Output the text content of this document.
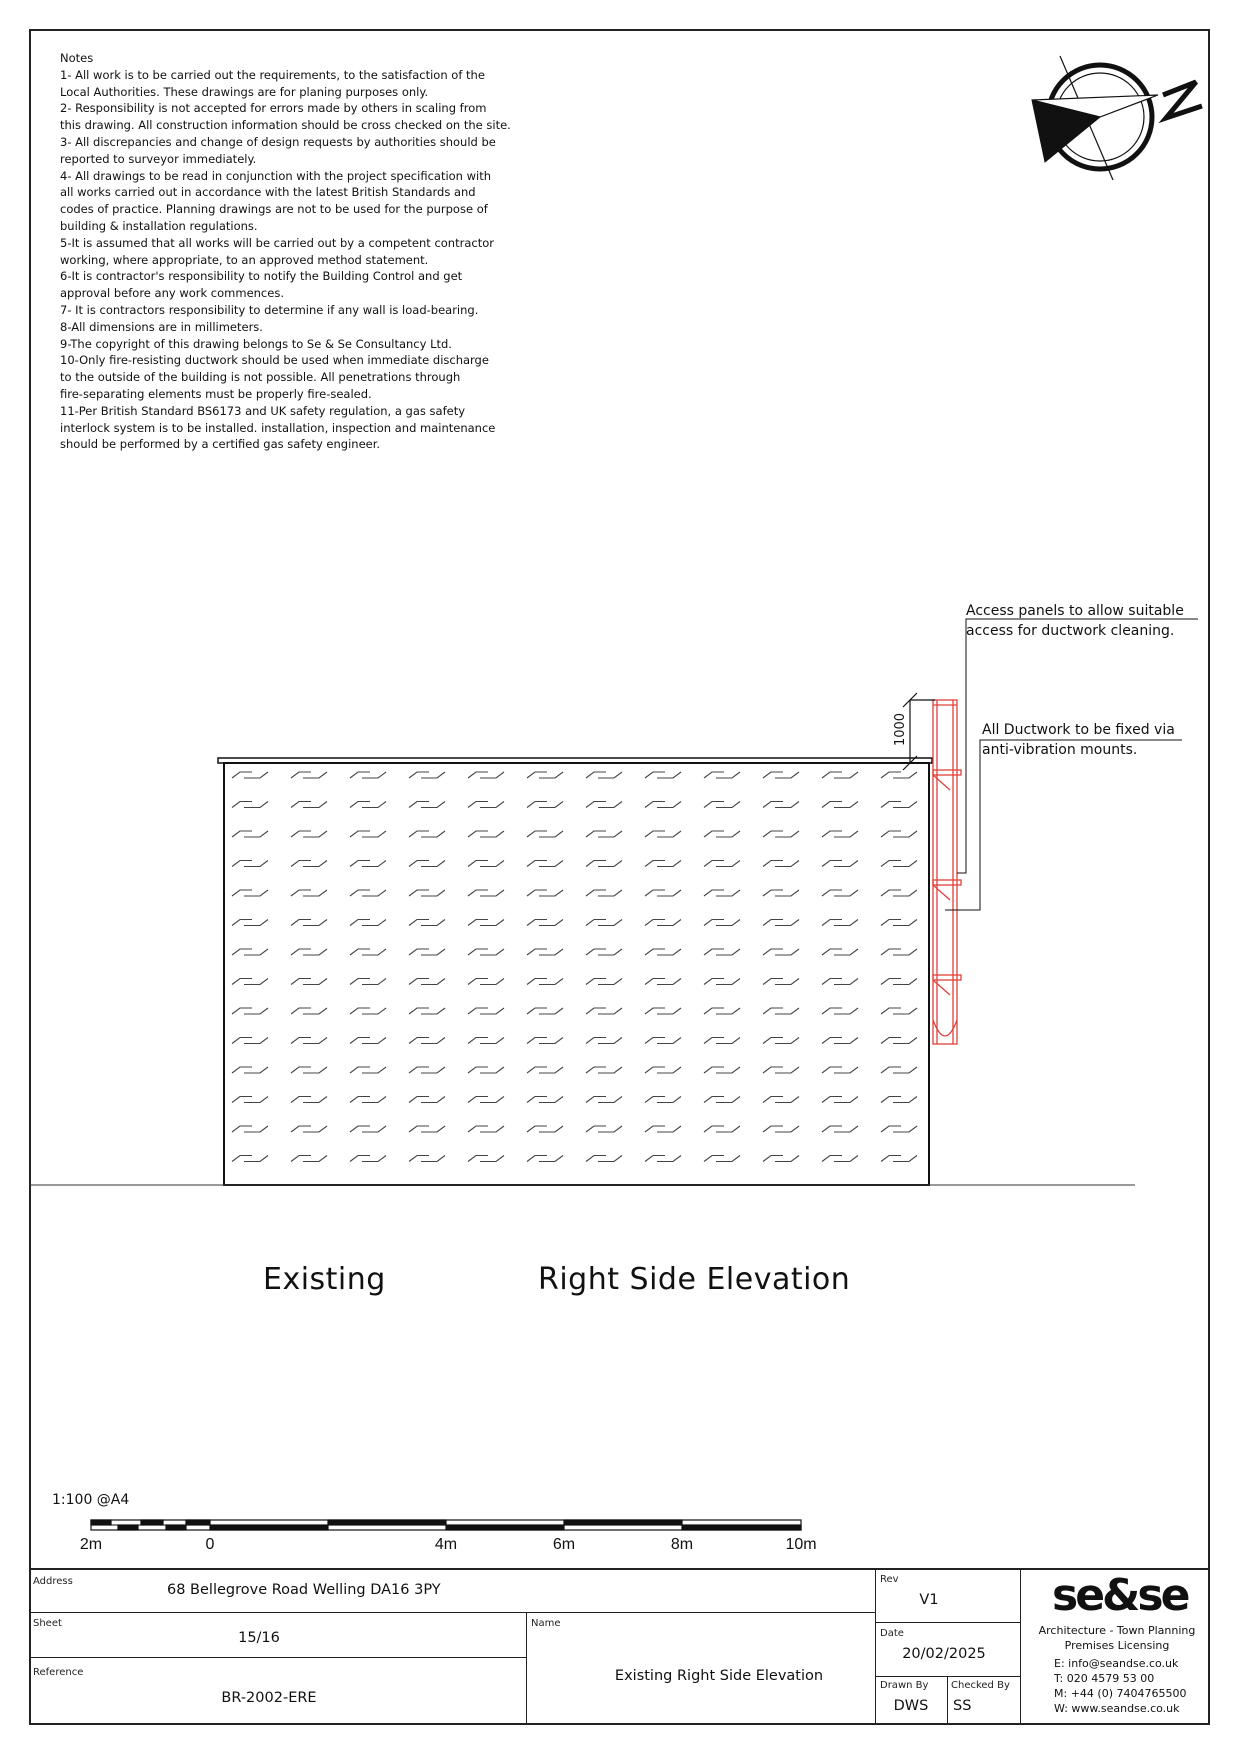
Notes
1- All work is to be carried out the requirements, to the satisfaction of the
Local Authorities. These drawings are for planing purposes only.
2- Responsibility is not accepted for errors made by others in scaling from
this drawing. All construction information should be cross checked on the site.
3- All discrepancies and change of design requests by authorities should be
reported to surveyor immediately.
4- All drawings to be read in conjunction with the project specification with
all works carried out in accordance with the latest British Standards and
codes of practice. Planning drawings are not to be used for the purpose of
building & installation regulations.
5-It is assumed that all works will be carried out by a competent contractor
working, where appropriate, to an approved method statement.
6-It is contractor's responsibility to notify the Building Control and get
approval before any work commences.
7- It is contractors responsibility to determine if any wall is load-bearing.
8-All dimensions are in millimeters.
9-The copyright of this drawing belongs to Se & Se Consultancy Ltd.
10-Only fire-resisting ductwork should be used when immediate discharge
to the outside of the building is not possible. All penetrations through
fire-separating elements must be properly fire-sealed.
11-Per British Standard BS6173 and UK safety regulation, a gas safety
interlock system is to be installed. installation, inspection and maintenance
should be performed by a certified gas safety engineer.
Access panels to allow suitable
access for ductwork cleaning.
All Ductwork to be fixed via
anti-vibration mounts.
1000
Existing	Right Side Elevation
1:100 @A4
2m	0	4m	6m	8m	10m
Address
68 Bellegrove Road Welling DA16 3PY
Sheet
15/16
Reference
BR-2002-ERE
Name
Existing Right Side Elevation
Rev
V1
Date
20/02/2025
Drawn By
DWS
Checked By
SS
se&se
Architecture - Town Planning
Premises Licensing
E: info@seandse.co.uk
T: 020 4579 53 00
M: +44 (0) 7404765500
W: www.seandse.co.uk
